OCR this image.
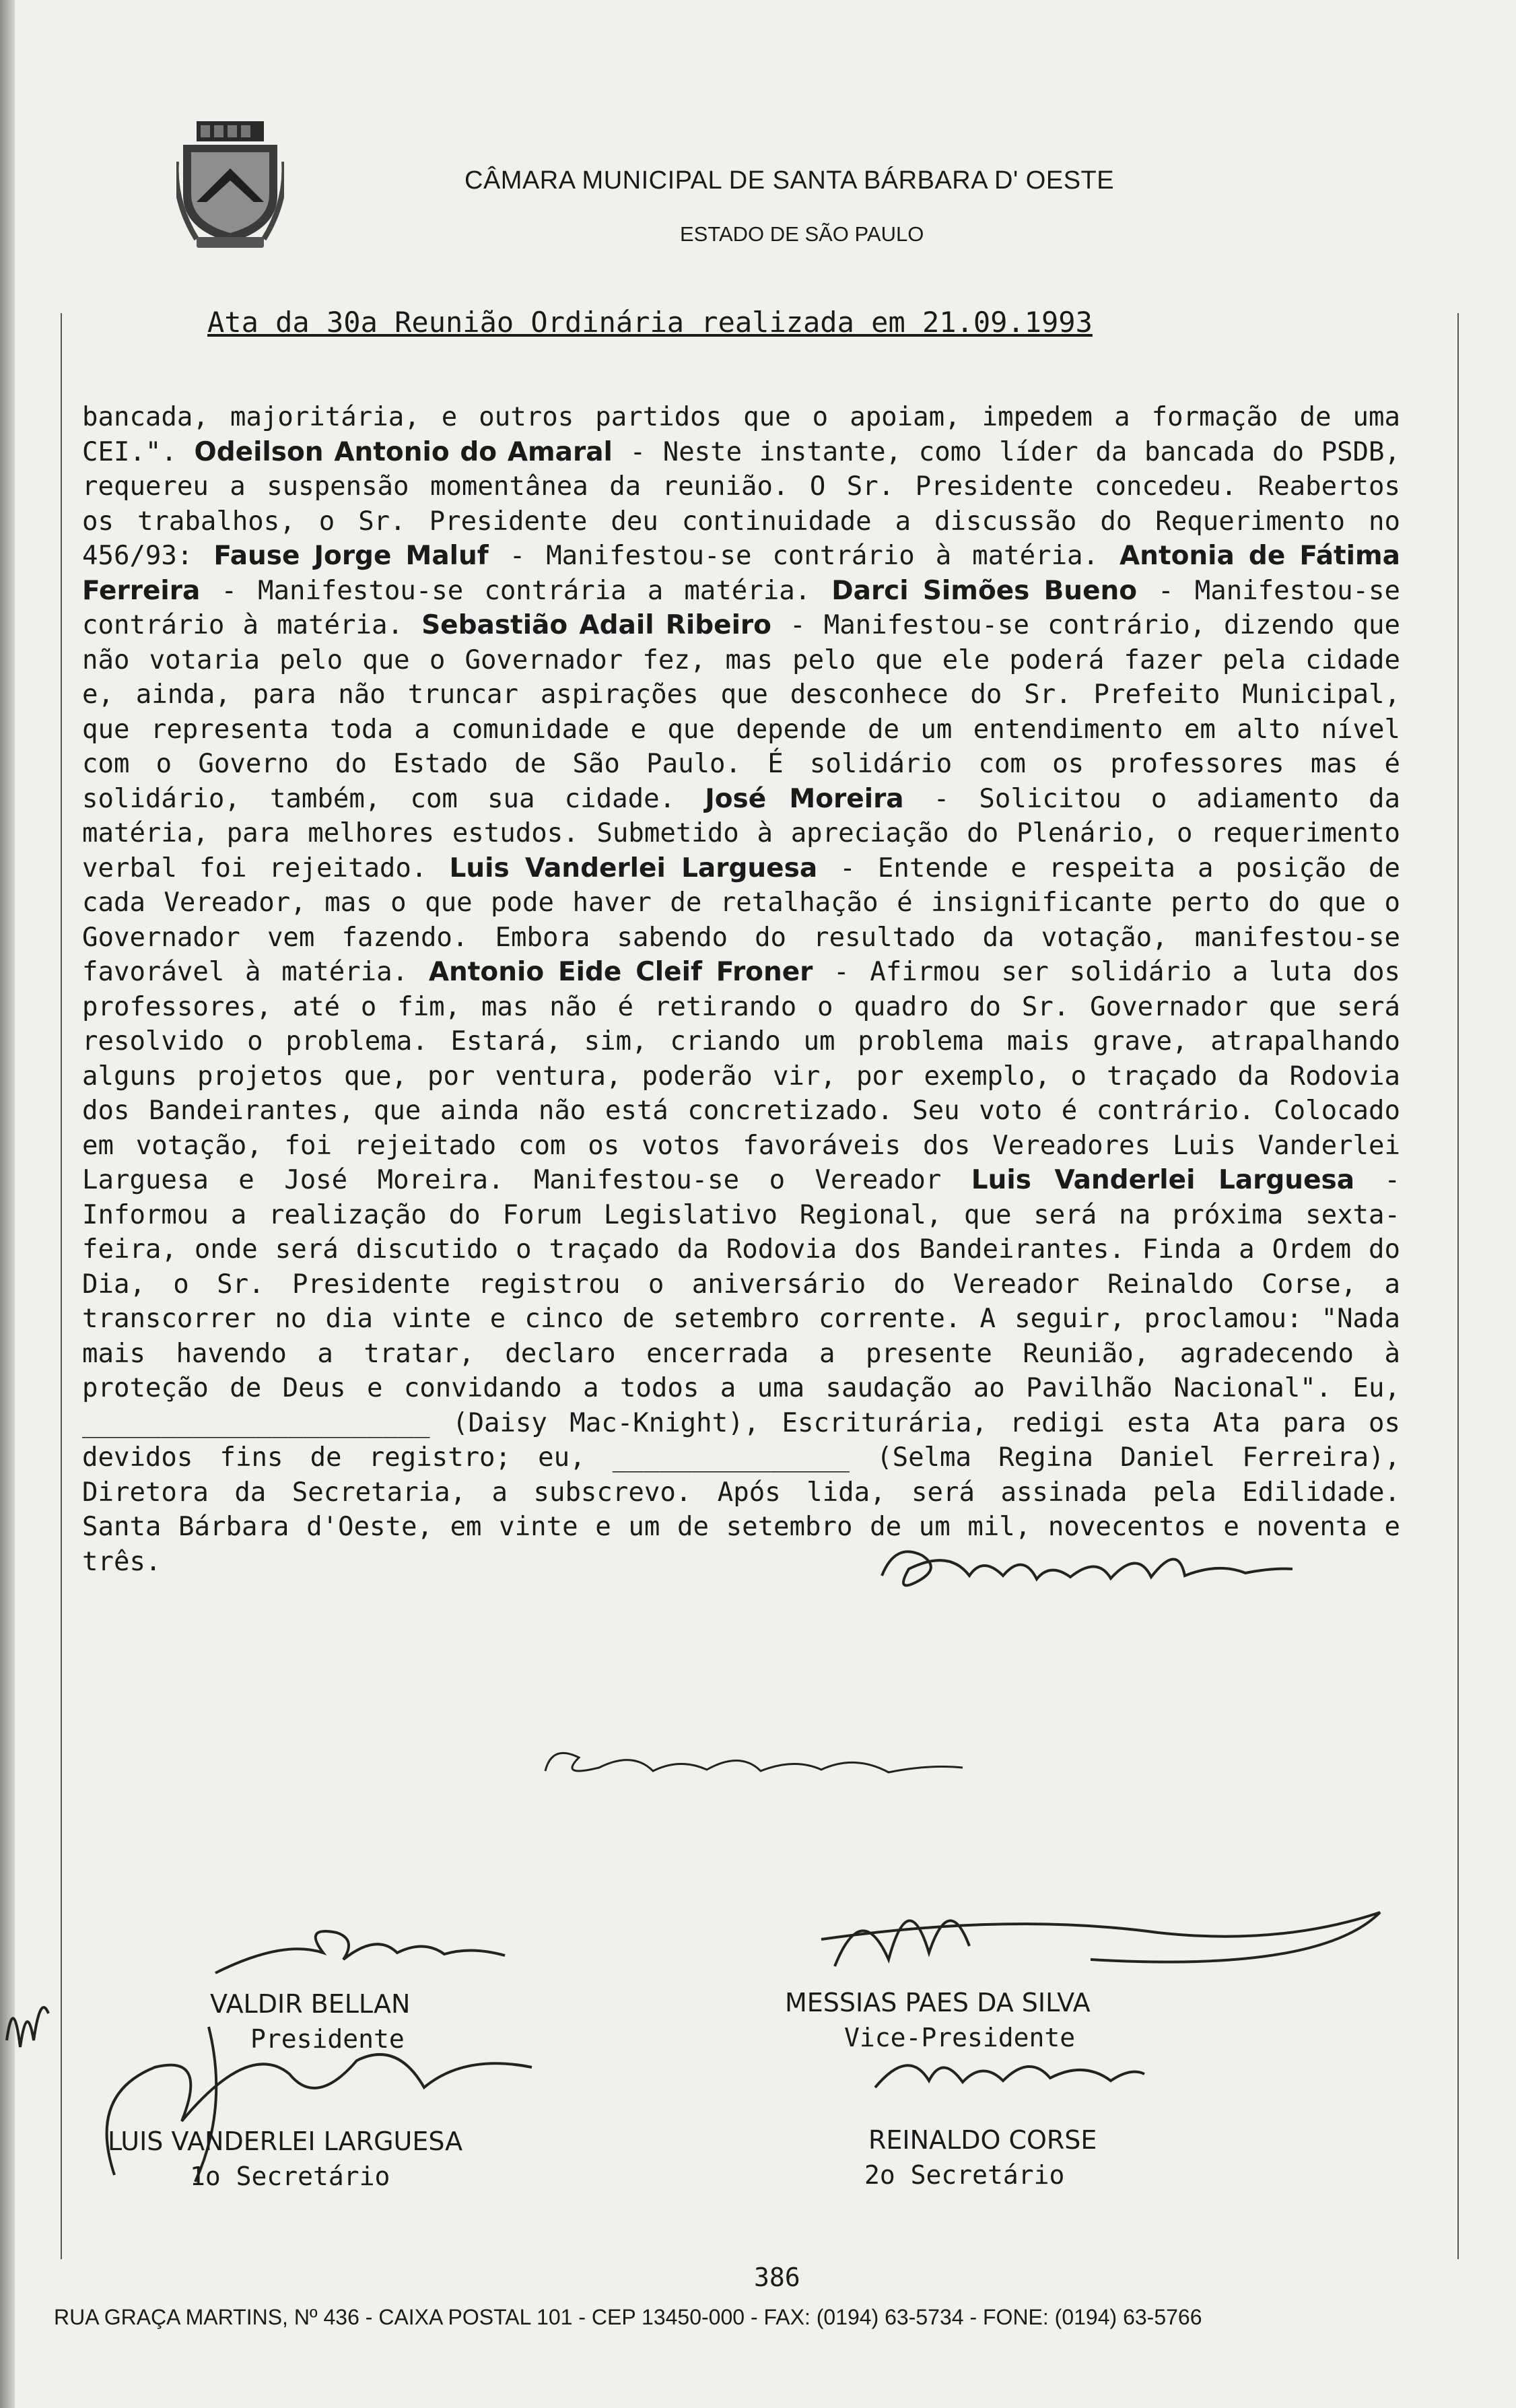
CÂMARA MUNICIPAL DE SANTA BÁRBARA D' OESTE
ESTADO DE SÃO PAULO
Ata da 30a Reunião Ordinária realizada em 21.09.1993

bancada, majoritária, e outros partidos que o apoiam, impedem a formação de uma CEI.". Odeilson Antonio do Amaral - Neste instante, como líder da bancada do PSDB, requereu a suspensão momentânea da reunião. O Sr. Presidente concedeu. Reabertos os trabalhos, o Sr. Presidente deu continuidade a discussão do Requerimento no 456/93: Fause Jorge Maluf - Manifestou-se contrário à matéria. Antonia de Fátima Ferreira - Manifestou-se contrária a matéria. Darci Simões Bueno - Manifestou-se contrário à matéria. Sebastião Adail Ribeiro - Manifestou-se contrário, dizendo que não votaria pelo que o Governador fez, mas pelo que ele poderá fazer pela cidade e, ainda, para não truncar aspirações que desconhece do Sr. Prefeito Municipal, que representa toda a comunidade e que depende de um entendimento em alto nível com o Governo do Estado de São Paulo. É solidário com os professores mas é solidário, também, com sua cidade. José Moreira - Solicitou o adiamento da matéria, para melhores estudos. Submetido à apreciação do Plenário, o requerimento verbal foi rejeitado. Luis Vanderlei Larguesa - Entende e respeita a posição de cada Vereador, mas o que pode haver de retalhação é insignificante perto do que o Governador vem fazendo. Embora sabendo do resultado da votação, manifestou-se favorável à matéria. Antonio Eide Cleif Froner - Afirmou ser solidário a luta dos professores, até o fim, mas não é retirando o quadro do Sr. Governador que será resolvido o problema. Estará, sim, criando um problema mais grave, atrapalhando alguns projetos que, por ventura, poderão vir, por exemplo, o traçado da Rodovia dos Bandeirantes, que ainda não está concretizado. Seu voto é contrário. Colocado em votação, foi rejeitado com os votos favoráveis dos Vereadores Luis Vanderlei Larguesa e José Moreira. Manifestou-se o Vereador Luis Vanderlei Larguesa - Informou a realização do Forum Legislativo Regional, que será na próxima sexta-feira, onde será discutido o traçado da Rodovia dos Bandeirantes. Finda a Ordem do Dia, o Sr. Presidente registrou o aniversário do Vereador Reinaldo Corse, a transcorrer no dia vinte e cinco de setembro corrente. A seguir, proclamou: "Nada mais havendo a tratar, declaro encerrada a presente Reunião, agradecendo à proteção de Deus e convidando a todos a uma saudação ao Pavilhão Nacional". Eu, ______________________ (Daisy Mac-Knight), Escriturária, redigi esta Ata para os devidos fins de registro; eu, _______________ (Selma Regina Daniel Ferreira), Diretora da Secretaria, a subscrevo. Após lida, será assinada pela Edilidade. Santa Bárbara d'Oeste, em vinte e um de setembro de um mil, novecentos e noventa e três.

VALDIR BELLAN
Presidente
MESSIAS PAES DA SILVA
Vice-Presidente
LUIS VANDERLEI LARGUESA
1o Secretário
REINALDO CORSE
2o Secretário
386
RUA GRAÇA MARTINS, Nº 436 - CAIXA POSTAL 101 - CEP 13450-000 - FAX: (0194) 63-5734 - FONE: (0194) 63-5766
